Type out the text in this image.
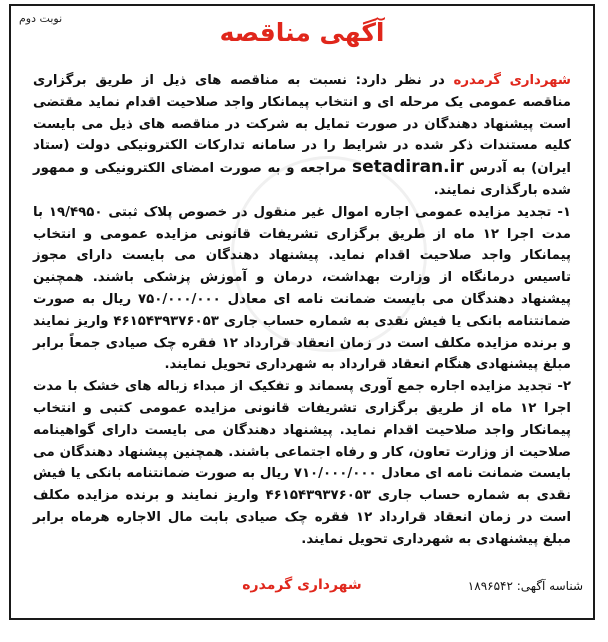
نوبت دوم	آگهی مناقصه

شهرداری گرمدره در نظر دارد: نسبت به مناقصه های ذیل از طریق برگزاری مناقصه عمومی یک مرحله ای و انتخاب پیمانکار واجد صلاحیت اقدام نماید مقتضی است پیشنهاد دهندگان در صورت تمایل به شرکت در مناقصه های ذیل می بایست کلیه مستندات ذکر شده در شرایط را در سامانه تدارکات الکترونیکی دولت (ستاد ایران) به آدرس setadiran.ir مراجعه و به صورت امضای الکترونیکی و ممهور شده بارگذاری نمایند.

۱- تجدید مزایده عمومی اجاره اموال غیر منقول در خصوص پلاک ثبتی ۱۹/۴۹۵۰ با مدت اجرا ۱۲ ماه از طریق برگزاری تشریفات قانونی مزایده عمومی و انتخاب پیمانکار واجد صلاحیت اقدام نماید. پیشنهاد دهندگان می بایست دارای مجوز تاسیس درمانگاه از وزارت بهداشت، درمان و آموزش پزشکی باشند. همچنین پیشنهاد دهندگان می بایست ضمانت نامه ای معادل ۷۵۰/۰۰۰/۰۰۰ ریال به صورت ضمانتنامه بانکی یا فیش نقدی به شماره حساب جاری ۴۶۱۵۴۳۹۳۷۶۰۵۳ واریز نمایند و برنده مزایده مکلف است در زمان انعقاد قرارداد ۱۲ فقره چک صیادی جمعاً برابر مبلغ پیشنهادی هنگام انعقاد قرارداد به شهرداری تحویل نمایند.

۲- تجدید مزایده اجاره جمع آوری پسماند و تفکیک از مبداء زباله های خشک با مدت اجرا ۱۲ ماه از طریق برگزاری تشریفات قانونی مزایده عمومی کتبی و انتخاب پیمانکار واجد صلاحیت اقدام نماید. پیشنهاد دهندگان می بایست دارای گواهینامه صلاحیت از وزارت تعاون، کار و رفاه اجتماعی باشند. همچنین پیشنهاد دهندگان می بایست ضمانت نامه ای معادل ۷۱۰/۰۰۰/۰۰۰ ریال به صورت ضمانتنامه بانکی یا فیش نقدی به شماره حساب جاری ۴۶۱۵۴۳۹۳۷۶۰۵۳ واریز نمایند و برنده مزایده مکلف است در زمان انعقاد قرارداد ۱۲ فقره چک صیادی بابت مال الاجاره هرماه برابر مبلغ پیشنهادی به شهرداری تحویل نمایند.

شهرداری گرمدره	شناسه آگهی: ۱۸۹۶۵۴۲
